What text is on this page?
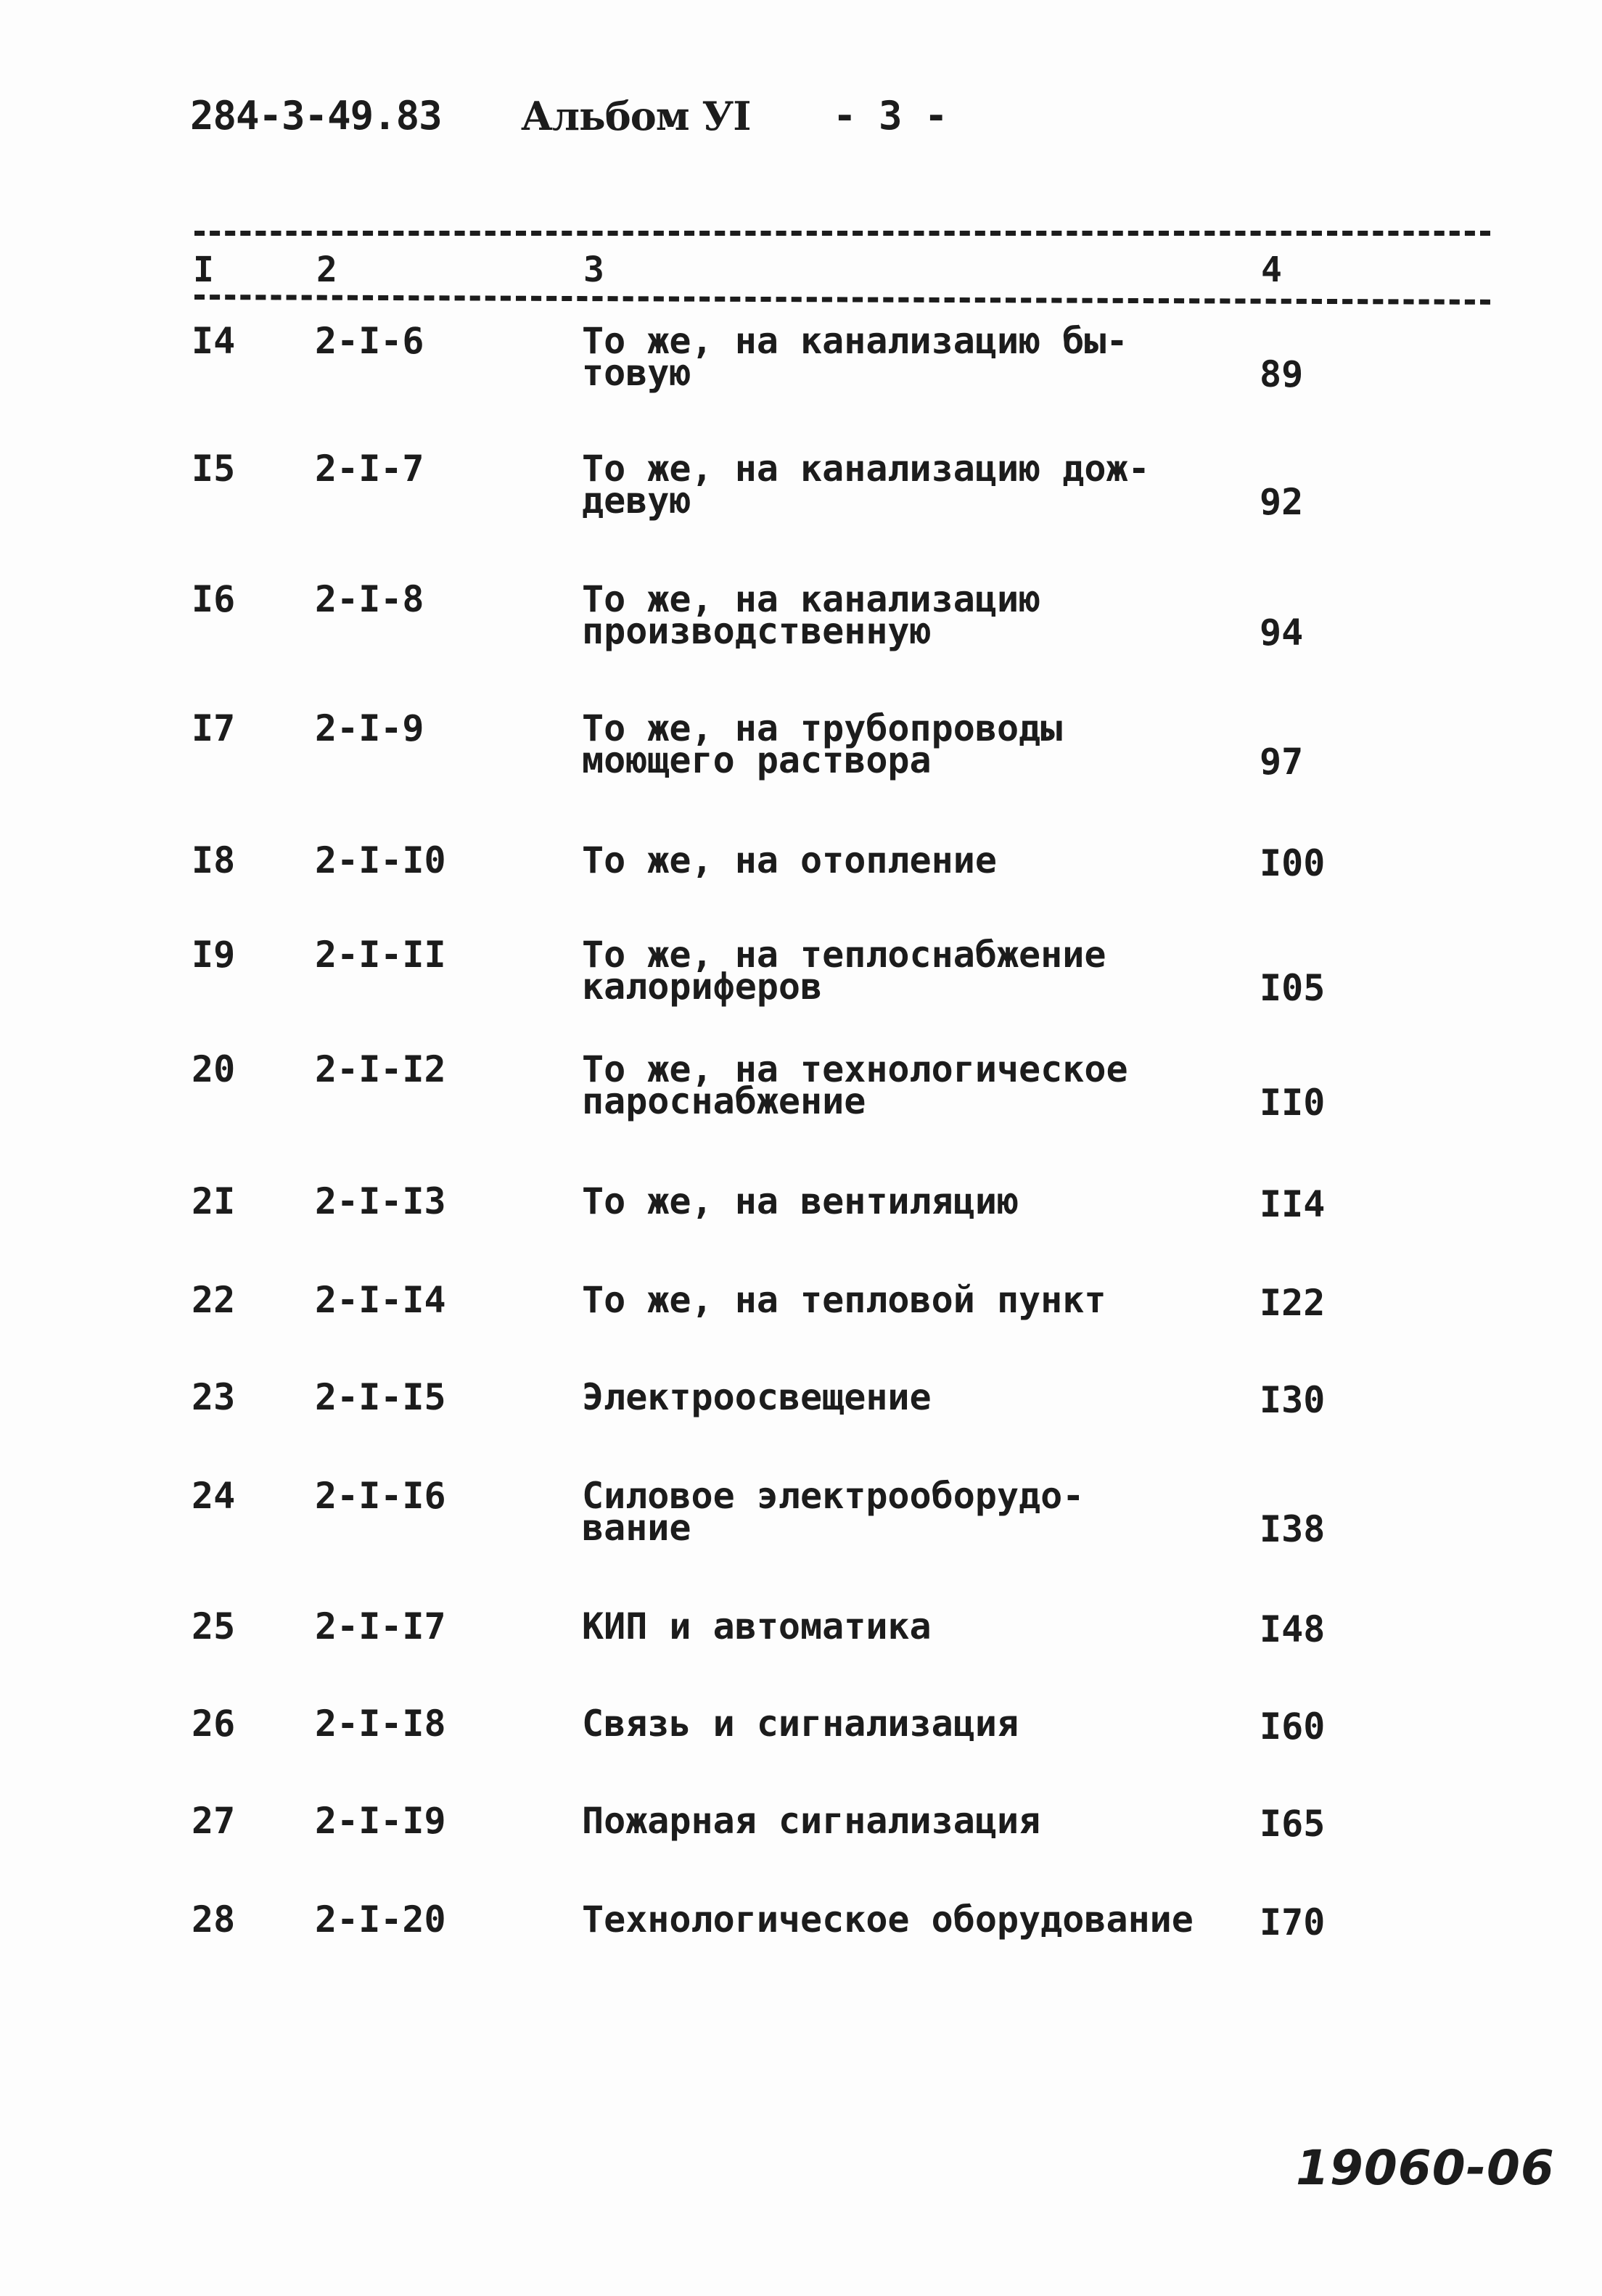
284-3-49.83 Альбом УI - 3 -
I	2	3	4
I4 2-I-6	То же, на канализацию бы-
товую	89
I5 2-I-7	То же, на канализацию дож-
девую	92
I6 2-I-8	То же, на канализацию
производственную	94
I7 2-I-9	То же, на трубопроводы
моющего раствора	97
I8 2-I-I0	То же, на отопление	I00
I9 2-I-II	То же, на теплоснабжение
калориферов	I05
20 2-I-I2	То же, на технологическое
пароснабжение	II0
2I 2-I-I3	То же, на вентиляцию	II4
22 2-I-I4	То же, на тепловой пункт	I22
23 2-I-I5	Электроосвещение	I30
24 2-I-I6	Силовое электрооборудо-
вание	I38
25 2-I-I7	КИП и автоматика	I48
26 2-I-I8	Связь и сигнализация	I60
27 2-I-I9	Пожарная сигнализация	I65
28 2-I-20	Технологическое оборудование I70
19060-06
